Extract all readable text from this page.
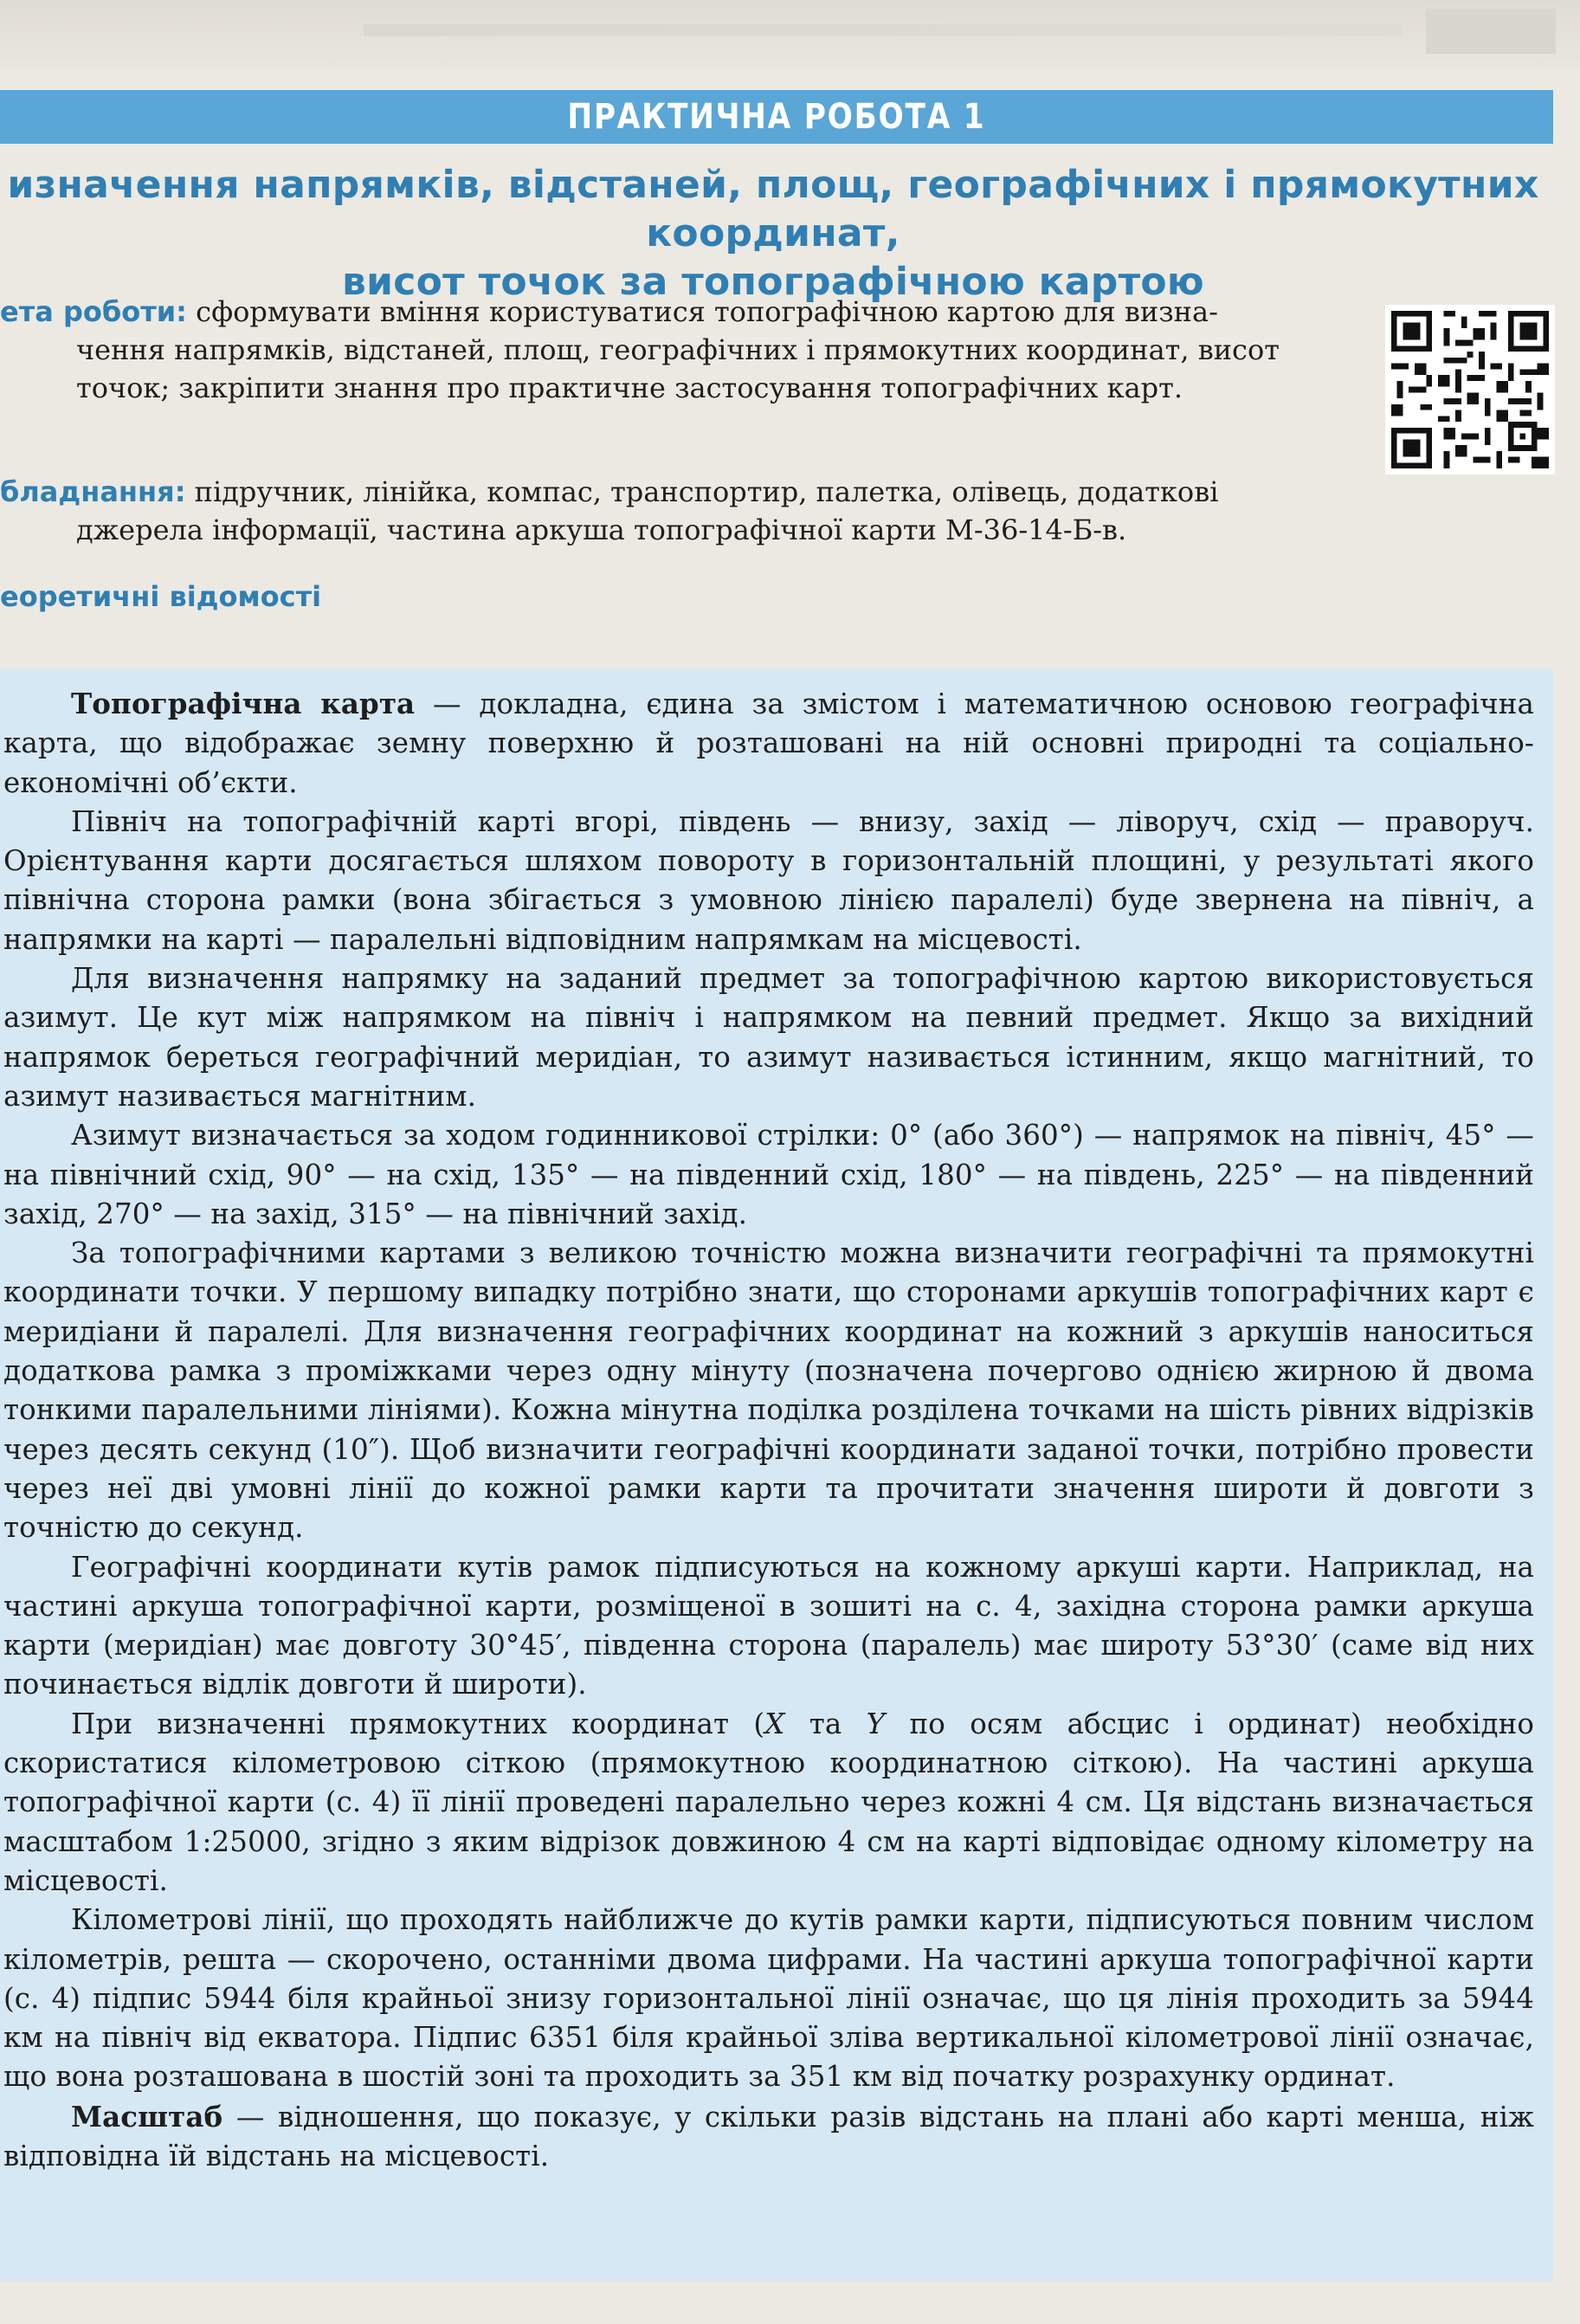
ПРАКТИЧНА РОБОТА 1
изначення напрямків, відстаней, площ, географічних і прямокутних координат,
висот точок за топографічною картою
ета роботи: сформувати вміння користуватися топографічною картою для визна-
чення напрямків, відстаней, площ, географічних і прямокутних координат, висот точок; закріпити знання про практичне застосування топографічних карт.
бладнання: підручник, лінійка, компас, транспортир, палетка, олівець, додаткові
джерела інформації, частина аркуша топографічної карти М-36-14-Б-в.
еоретичні відомості

Топографічна карта — докладна, єдина за змістом і математичною основою географічна карта, що відображає земну поверхню й розташовані на ній основні природні та соціально-економічні об’єкти.

Північ на топографічній карті вгорі, південь — внизу, захід — ліворуч, схід — праворуч. Орієнтування карти досягається шляхом повороту в горизонтальній площині, у результаті якого північна сторона рамки (вона збігається з умовною лінією паралелі) буде звернена на північ, а напрямки на карті — паралельні відповідним напрямкам на місцевості.

Для визначення напрямку на заданий предмет за топографічною картою використовується азимут. Це кут між напрямком на північ і напрямком на певний предмет. Якщо за вихідний напрямок береться географічний меридіан, то азимут називається істинним, якщо магнітний, то азимут називається магнітним.

Азимут визначається за ходом годинникової стрілки: 0° (або 360°) — напрямок на північ, 45° — на північний схід, 90° — на схід, 135° — на південний схід, 180° — на південь, 225° — на південний захід, 270° — на захід, 315° — на північний захід.

За топографічними картами з великою точністю можна визначити географічні та прямокутні координати точки. У першому випадку потрібно знати, що сторонами аркушів топографічних карт є меридіани й паралелі. Для визначення географічних координат на кожний з аркушів наноситься додаткова рамка з проміжками через одну мінуту (позначена почергово однією жирною й двома тонкими паралельними лініями). Кожна мінутна поділка розділена точками на шість рівних відрізків через десять секунд (10″). Щоб визначити географічні координати заданої точки, потрібно провести через неї дві умовні лінії до кожної рамки карти та прочитати значення широти й довготи з точністю до секунд.

Географічні координати кутів рамок підписуються на кожному аркуші карти. Наприклад, на частині аркуша топографічної карти, розміщеної в зошиті на с. 4, західна сторона рамки аркуша карти (меридіан) має довготу 30°45′, південна сторона (паралель) має широту 53°30′ (саме від них починається відлік довготи й широти).

При визначенні прямокутних координат (X та Y по осям абсцис і ординат) необхідно скористатися кілометровою сіткою (прямокутною координатною сіткою). На частині аркуша топографічної карти (с. 4) її лінії проведені паралельно через кожні 4 см. Ця відстань визначається масштабом 1:25000, згідно з яким відрізок довжиною 4 см на карті відповідає одному кілометру на місцевості.

Кілометрові лінії, що проходять найближче до кутів рамки карти, підписуються повним числом кілометрів, решта — скорочено, останніми двома цифрами. На частині аркуша топографічної карти (с. 4) підпис 5944 біля крайньої знизу горизонтальної лінії означає, що ця лінія проходить за 5944 км на північ від екватора. Підпис 6351 біля крайньої зліва вертикальної кілометрової лінії означає, що вона розташована в шостій зоні та проходить за 351 км від початку розрахунку ординат.

Масштаб — відношення, що показує, у скільки разів відстань на плані або карті менша, ніж відповідна їй відстань на місцевості.
